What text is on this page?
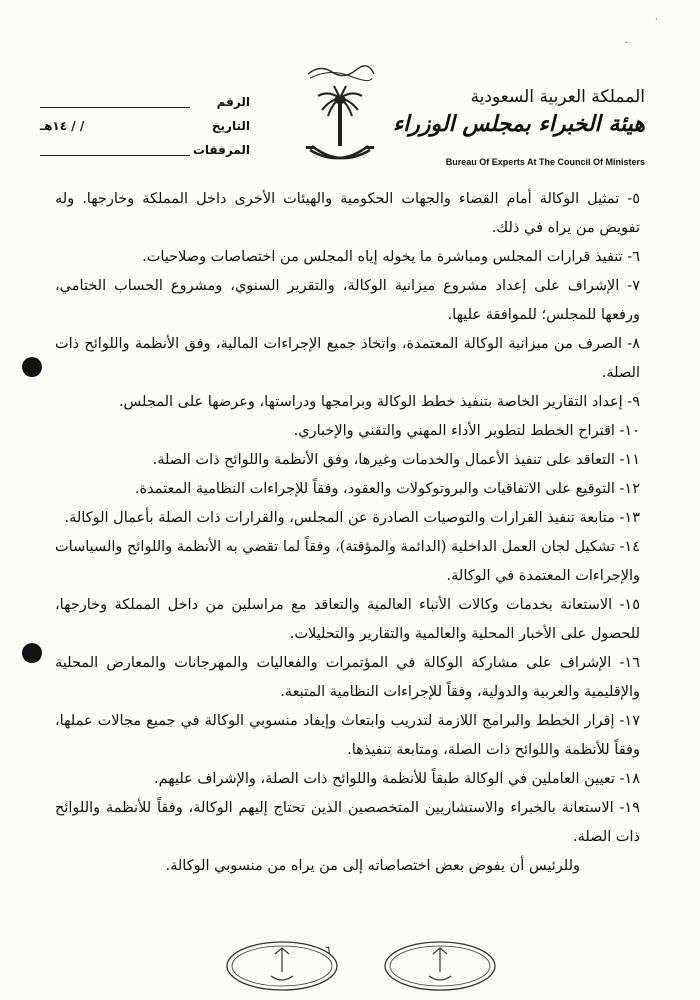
·
-
المملكة العربية السعودية
هيئة الخبراء بمجلس الوزراء
Bureau Of Experts At The Council Of Ministers
الرقم
التاريخ
/ / ١٤هـ
المرفقات
٥- تمثيل الوكالة أمام القضاء والجهات الحكومية والهيئات الأخرى داخل المملكة وخارجها. وله تفويض من يراه في ذلك.
٦- تنفيذ قرارات المجلس ومباشرة ما يخوله إياه المجلس من اختصاصات وصلاحيات.
٧- الإشراف على إعداد مشروع ميزانية الوكالة، والتقرير السنوي، ومشروع الحساب الختامي، ورفعها للمجلس؛ للموافقة عليها.
٨- الصرف من ميزانية الوكالة المعتمدة، واتخاذ جميع الإجراءات المالية، وفق الأنظمة واللوائح ذات الصلة.
٩- إعداد التقارير الخاصة بتنفيذ خطط الوكالة وبرامجها ودراستها، وعرضها على المجلس.
١٠- اقتراح الخطط لتطوير الأداء المهني والتقني والإخباري.
١١- التعاقد على تنفيذ الأعمال والخدمات وغيرها، وفق الأنظمة واللوائح ذات الصلة.
١٢- التوقيع على الاتفاقيات والبروتوكولات والعقود، وفقاً للإجراءات النظامية المعتمدة.
١٣- متابعة تنفيذ القرارات والتوصيات الصادرة عن المجلس، والقرارات ذات الصلة بأعمال الوكالة.
١٤- تشكيل لجان العمل الداخلية (الدائمة والمؤقتة)، وفقاً لما تقضي به الأنظمة واللوائح والسياسات والإجراءات المعتمدة في الوكالة.
١٥- الاستعانة بخدمات وكالات الأنباء العالمية والتعاقد مع مراسلين من داخل المملكة وخارجها، للحصول على الأخبار المحلية والعالمية والتقارير والتحليلات.
١٦- الإشراف على مشاركة الوكالة في المؤتمرات والفعاليات والمهرجانات والمعارض المحلية والإقليمية والعربية والدولية، وفقاً للإجراءات النظامية المتبعة.
١٧- إقرار الخطط والبرامج اللازمة لتدريب وابتعاث وإيفاد منسوبي الوكالة في جميع مجالات عملها، وفقاً للأنظمة واللوائح ذات الصلة، ومتابعة تنفيذها.
١٨- تعيين العاملين في الوكالة طبقاً للأنظمة واللوائح ذات الصلة، والإشراف عليهم.
١٩- الاستعانة بالخبراء والاستشاريين المتخصصين الذين تحتاج إليهم الوكالة، وفقاً للأنظمة واللوائح ذات الصلة.
وللرئيس أن يفوض بعض اختصاصاته إلى من يراه من منسوبي الوكالة.
٦
